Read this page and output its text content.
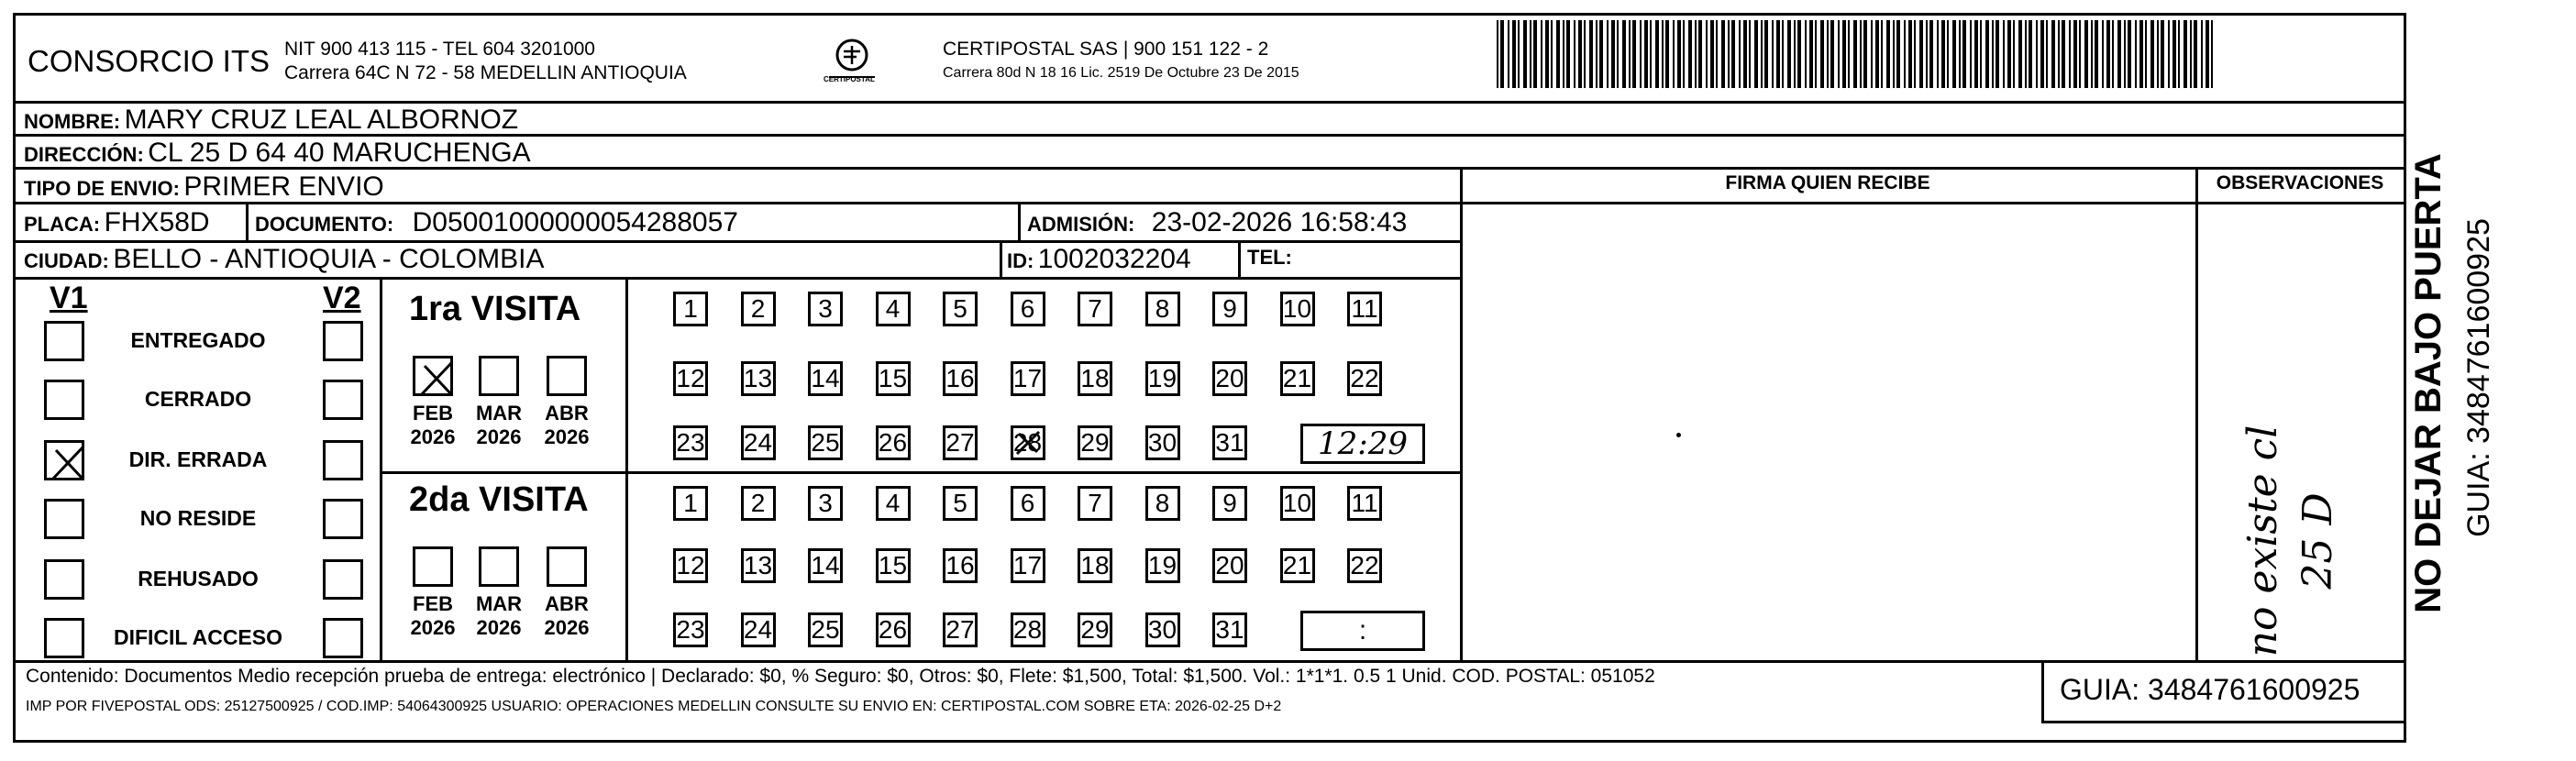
CONSORCIO ITS NIT 900 413 115 - TEL 604 3201000
Carrera 64C N 72 - 58 MEDELLIN ANTIOQUIA	CERTIPOSTAL
CERTIPOSTAL SAS | 900 151 122 - 2
Carrera 80d N 18 16 Lic. 2519 De Octubre 23 De 2015
NOMBRE: MARY CRUZ LEAL ALBORNOZ
DIRECCIÓN: CL 25 D 64 40 MARUCHENGA
TIPO DE ENVIO: PRIMER ENVIO
PLACA: FHX58D DOCUMENTO: D05001000000054288057	ADMISIÓN: 23-02-2026 16:58:43
CIUDAD: BELLO - ANTIOQUIA - COLOMBIA	ID: 1002032204	TEL:
FIRMA QUIEN RECIBE	OBSERVACIONES
no existe cl 25 D
V1	V2
ENTREGADO
CERRADO
DIR. ERRADA
NO RESIDE
REHUSADO
DIFICIL ACCESO
1ra VISITA
2da VISITA
FEB
2026
MAR
2026
ABR
2026
FEB
2026
MAR
2026
ABR
2026
1	2	3	4	5	6	7	8	9	10 11
12 13 14 15 16 17 18 19 20 21 22
23 24 25 26 27 28 29 30 31
1	2	3	4	5	6	7	8	9	10 11
12 13 14 15 16 17 18 19 20 21 22
23 24 25 26 27 28 29 30 31
12:29
:
NO DEJAR BAJO PUERTA GUIA: 3484761600925
Contenido: Documentos Medio recepción prueba de entrega: electrónico | Declarado: $0, % Seguro: $0, Otros: $0, Flete: $1,500, Total: $1,500. Vol.: 1*1*1. 0.5 1 Unid. COD. POSTAL: 051052
IMP POR FIVEPOSTAL ODS: 25127500925 / COD.IMP: 54064300925 USUARIO: OPERACIONES MEDELLIN CONSULTE SU ENVIO EN: CERTIPOSTAL.COM SOBRE ETA: 2026-02-25 D+2
GUIA: 3484761600925
